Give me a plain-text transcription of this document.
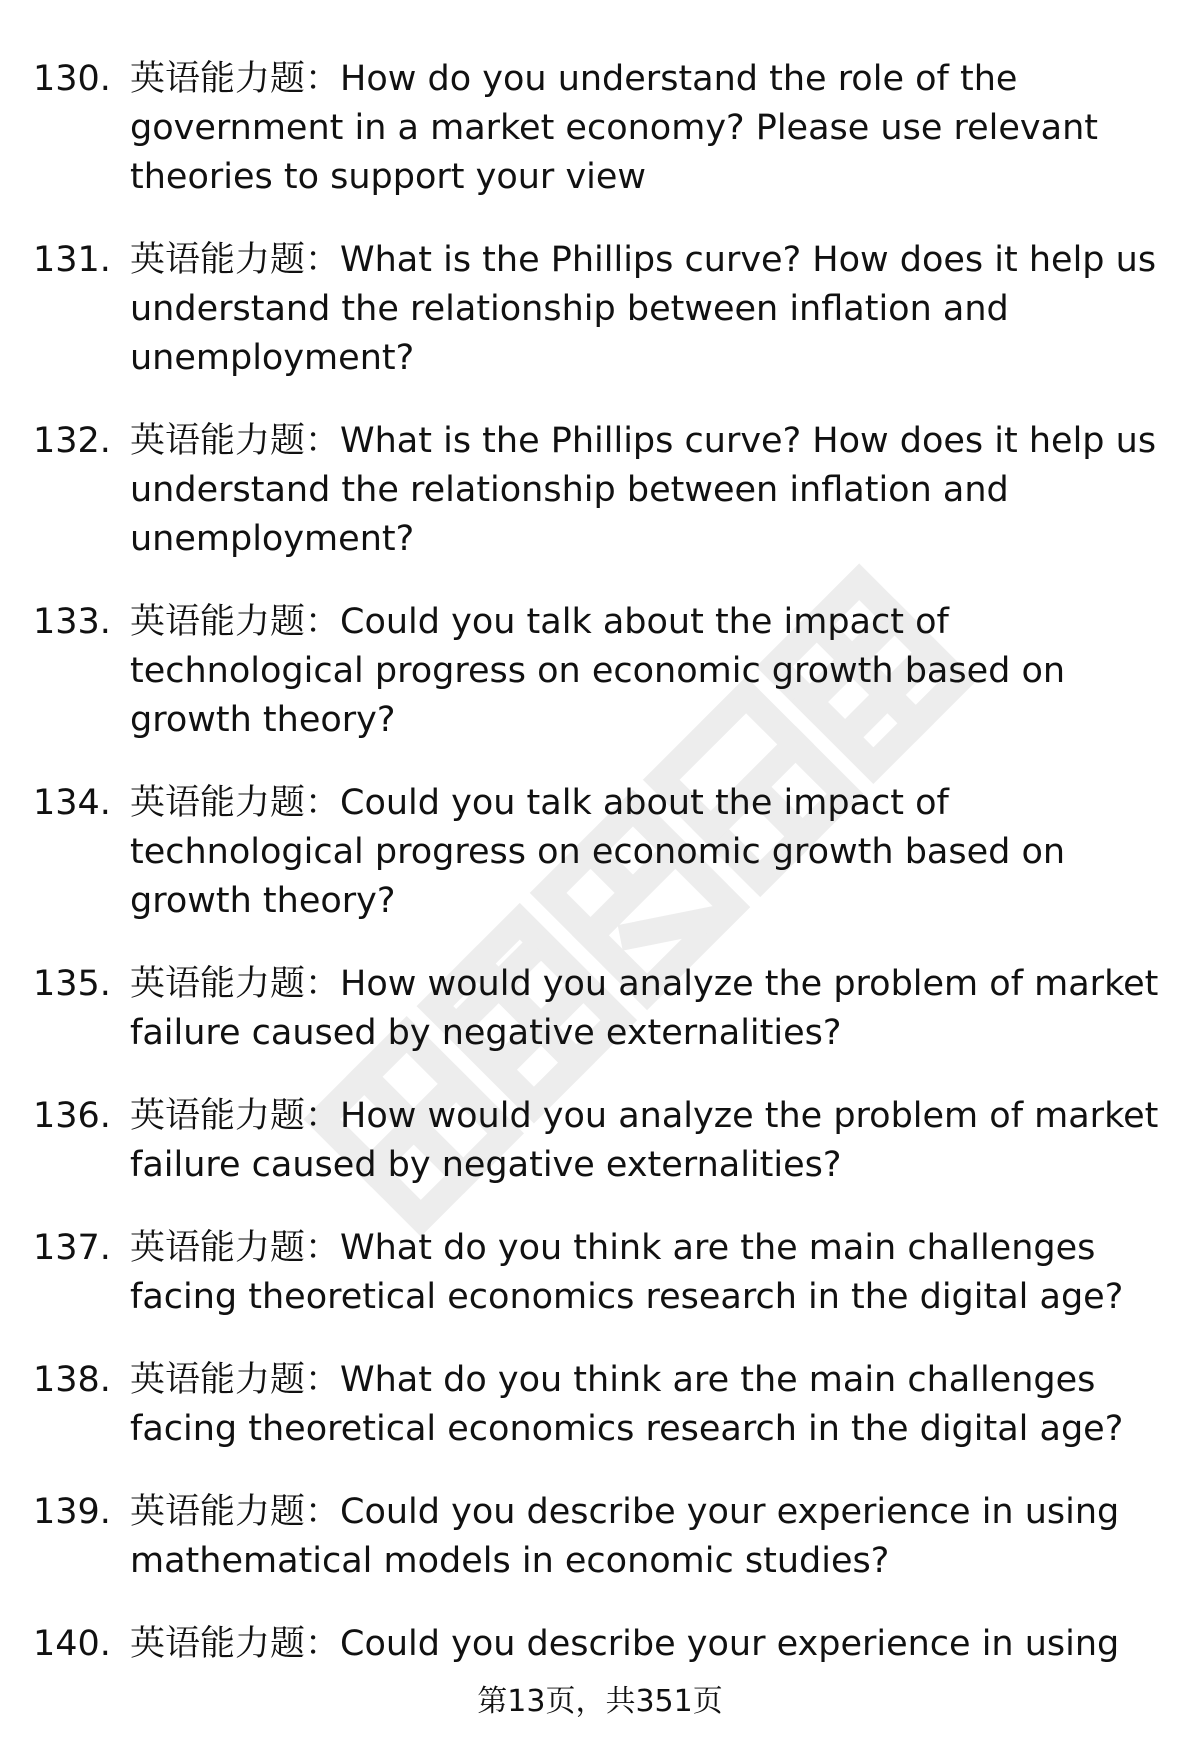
130. 英语能力题：How do you understand the role of the government in a market economy? Please use relevant theories to support your view
131. 英语能力题：What is the Phillips curve? How does it help us understand the relationship between inflation and unemployment?
132. 英语能力题：What is the Phillips curve? How does it help us understand the relationship between inflation and unemployment?
133. 英语能力题：Could you talk about the impact of technological progress on economic growth based on growth theory?
134. 英语能力题：Could you talk about the impact of technological progress on economic growth based on growth theory?
135. 英语能力题：How would you analyze the problem of market failure caused by negative externalities?
136. 英语能力题：How would you analyze the problem of market failure caused by negative externalities?
137. 英语能力题：What do you think are the main challenges facing theoretical economics research in the digital age?
138. 英语能力题：What do you think are the main challenges facing theoretical economics research in the digital age?
139. 英语能力题：Could you describe your experience in using mathematical models in economic studies?
140. 英语能力题：Could you describe your experience in using
第13页，共351页
